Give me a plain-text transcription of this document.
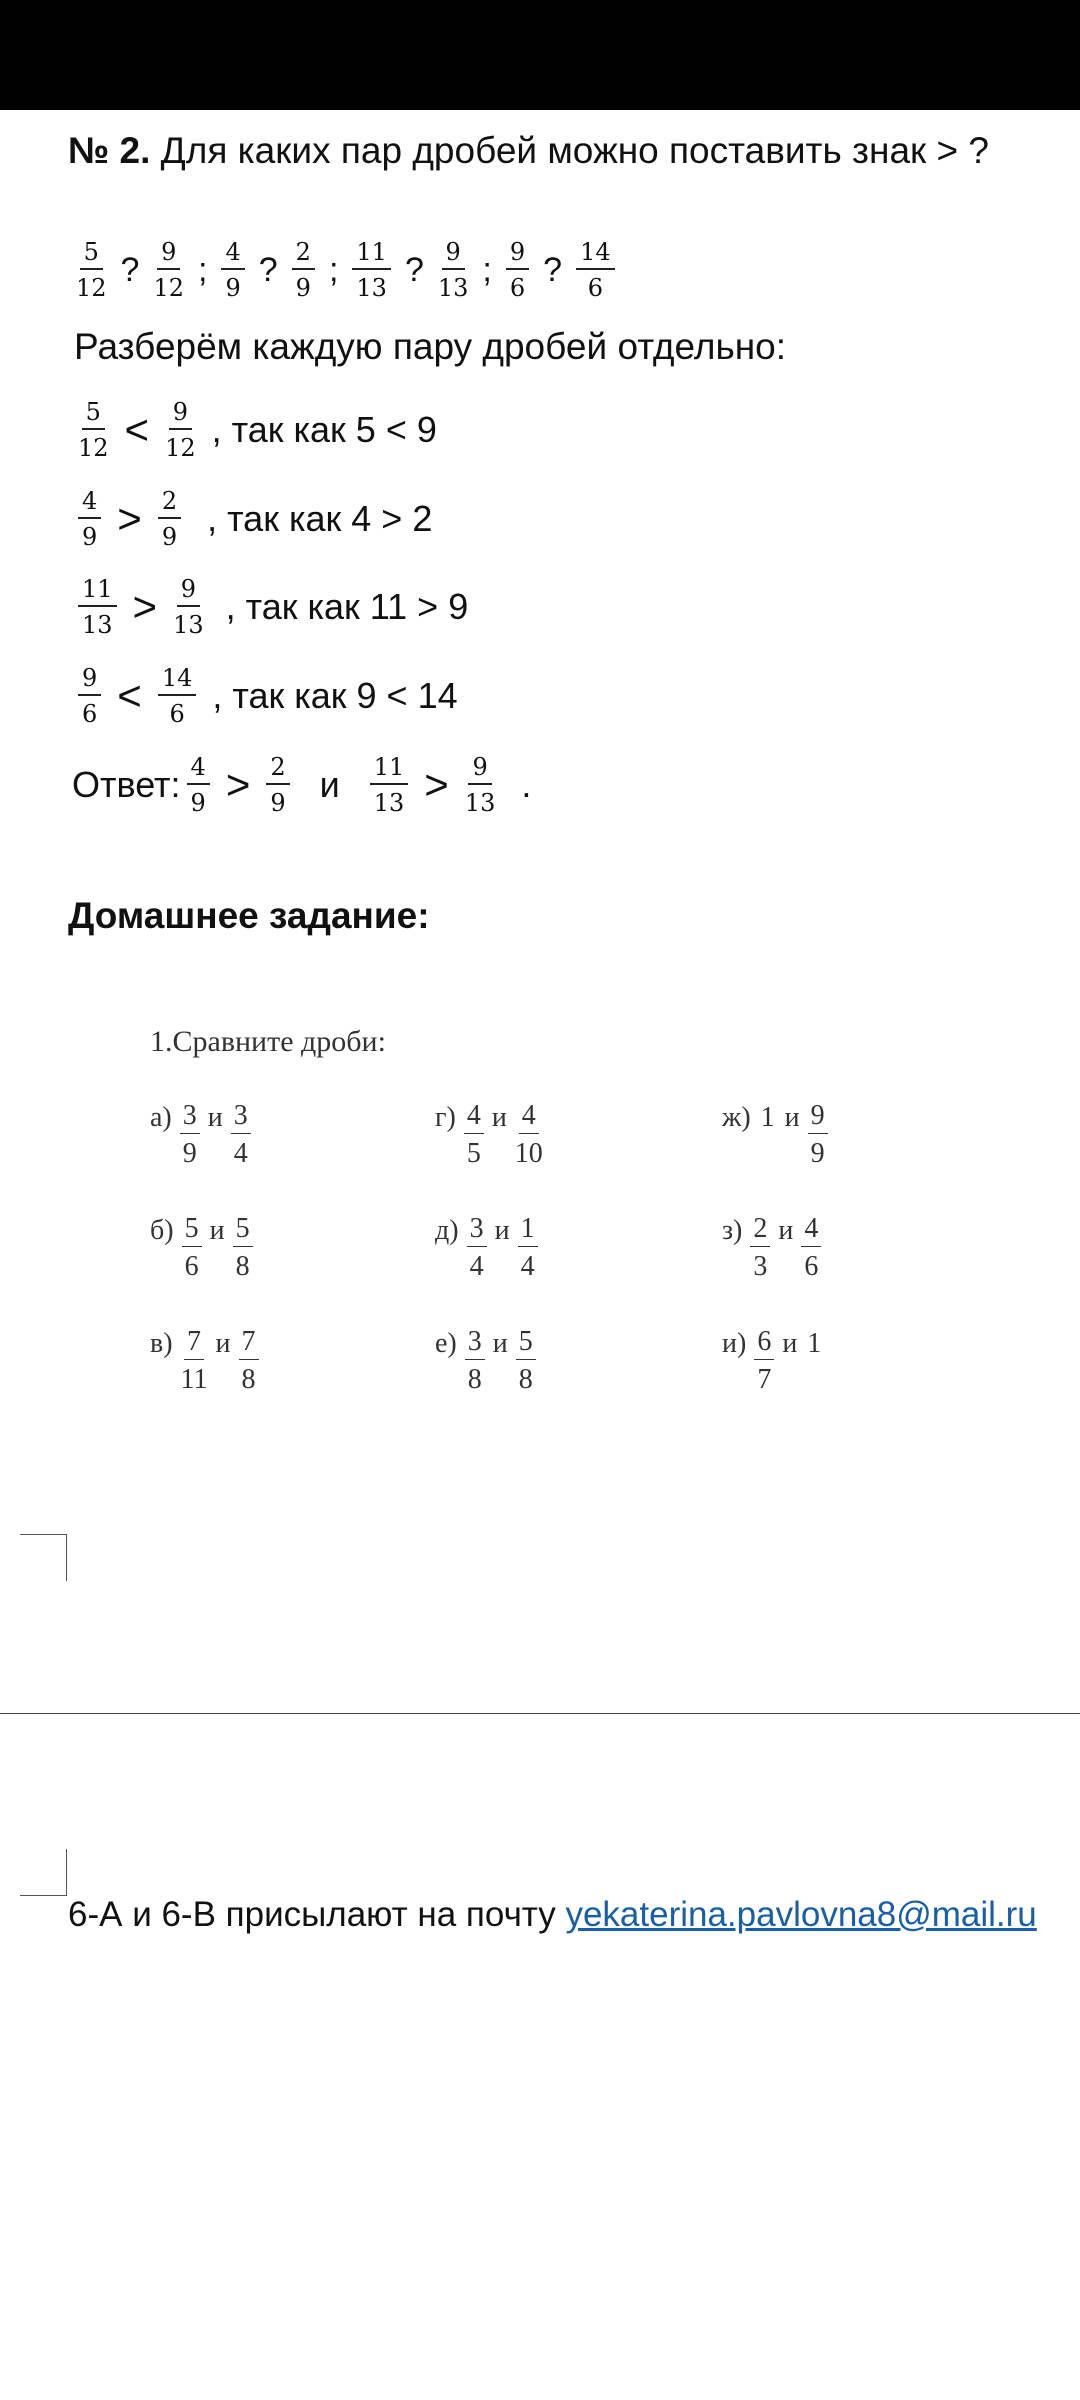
№ 2. Для каких пар дробей можно поставить знак > ?
$\frac{5}{12}$ ? $\frac{9}{12}$ ; $\frac{4}{9}$ ? $\frac{2}{9}$ ; $\frac{11}{13}$ ? $\frac{9}{13}$ ; $\frac{9}{6}$ ? $\frac{14}{6}$
Разберём каждую пару дробей отдельно:
$\frac{5}{12} < \frac{9}{12}$ , так как 5 < 9
$\frac{4}{9} > \frac{2}{9}$ , так как 4 > 2
$\frac{11}{13} > \frac{9}{13}$ , так как 11 > 9
$\frac{9}{6} < \frac{14}{6}$ , так как 9 < 14
Ответ: $\frac{4}{9} > \frac{2}{9}$ и $\frac{11}{13} > \frac{9}{13}$ .
Домашнее задание:
1.Сравните дроби:
а) 3
9
и 3
4
г) 4
5
и 4
10
ж) 1 и 9
9
б) 5
6
и 5
8
д) 3
4
и 1
4
з) 2
3
и 4
6
в) 7
11
и 7
8
е) 3
8
и 5
8
и) 6
7
и 1
6-А и 6-В присылают на почту yekaterina.pavlovna8@mail.ru
